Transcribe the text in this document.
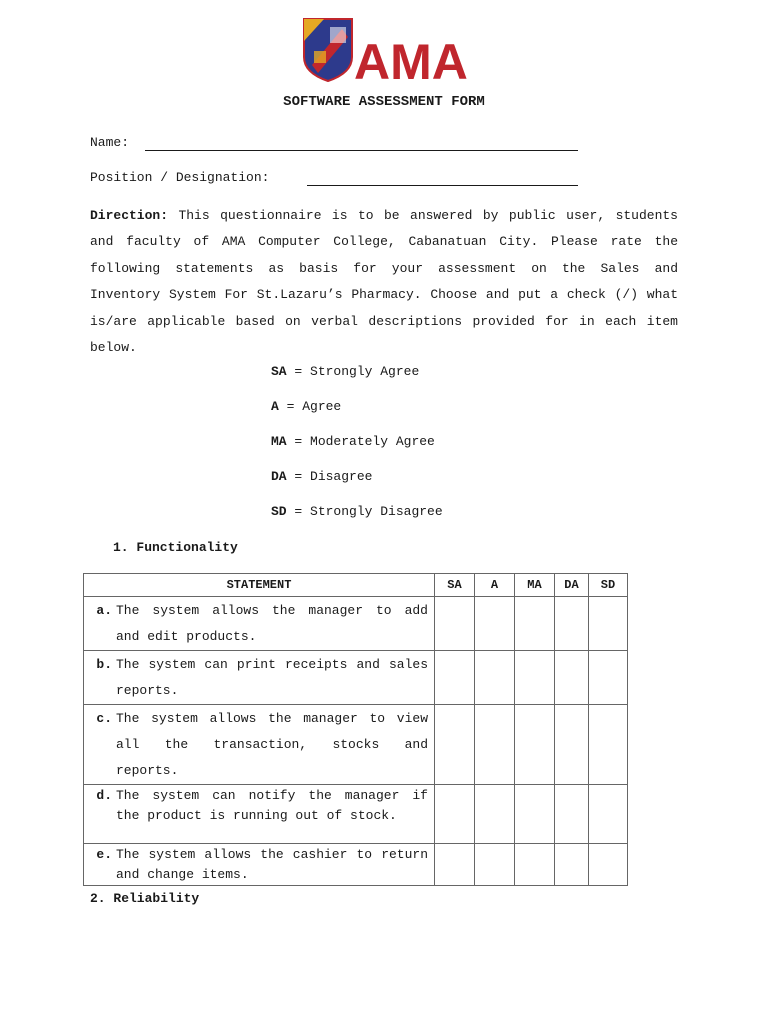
AMA
SOFTWARE ASSESSMENT FORM
Name:
Position / Designation:

Direction: This questionnaire is to be answered by public user, students and faculty of AMA Computer College, Cabanatuan City. Please rate the following statements as basis for your assessment on the Sales and Inventory System For St.Lazaru’s Pharmacy. Choose and put a check (/) what is/are applicable based on verbal descriptions provided for in each item below.

SA = Strongly Agree
A = Agree
MA = Moderately Agree
DA = Disagree
SD = Strongly Disagree
1. Functionality
STATEMENT	SA	A	MA	DA	SD

a. The system allows the manager to add and edit products.					

b. The system can print receipts and sales reports.					

c. The system allows the manager to view all the transaction, stocks and reports.					

d. The system can notify the manager if the product is running out of stock.					

e. The system allows the cashier to return and change items.					

2. Reliability
